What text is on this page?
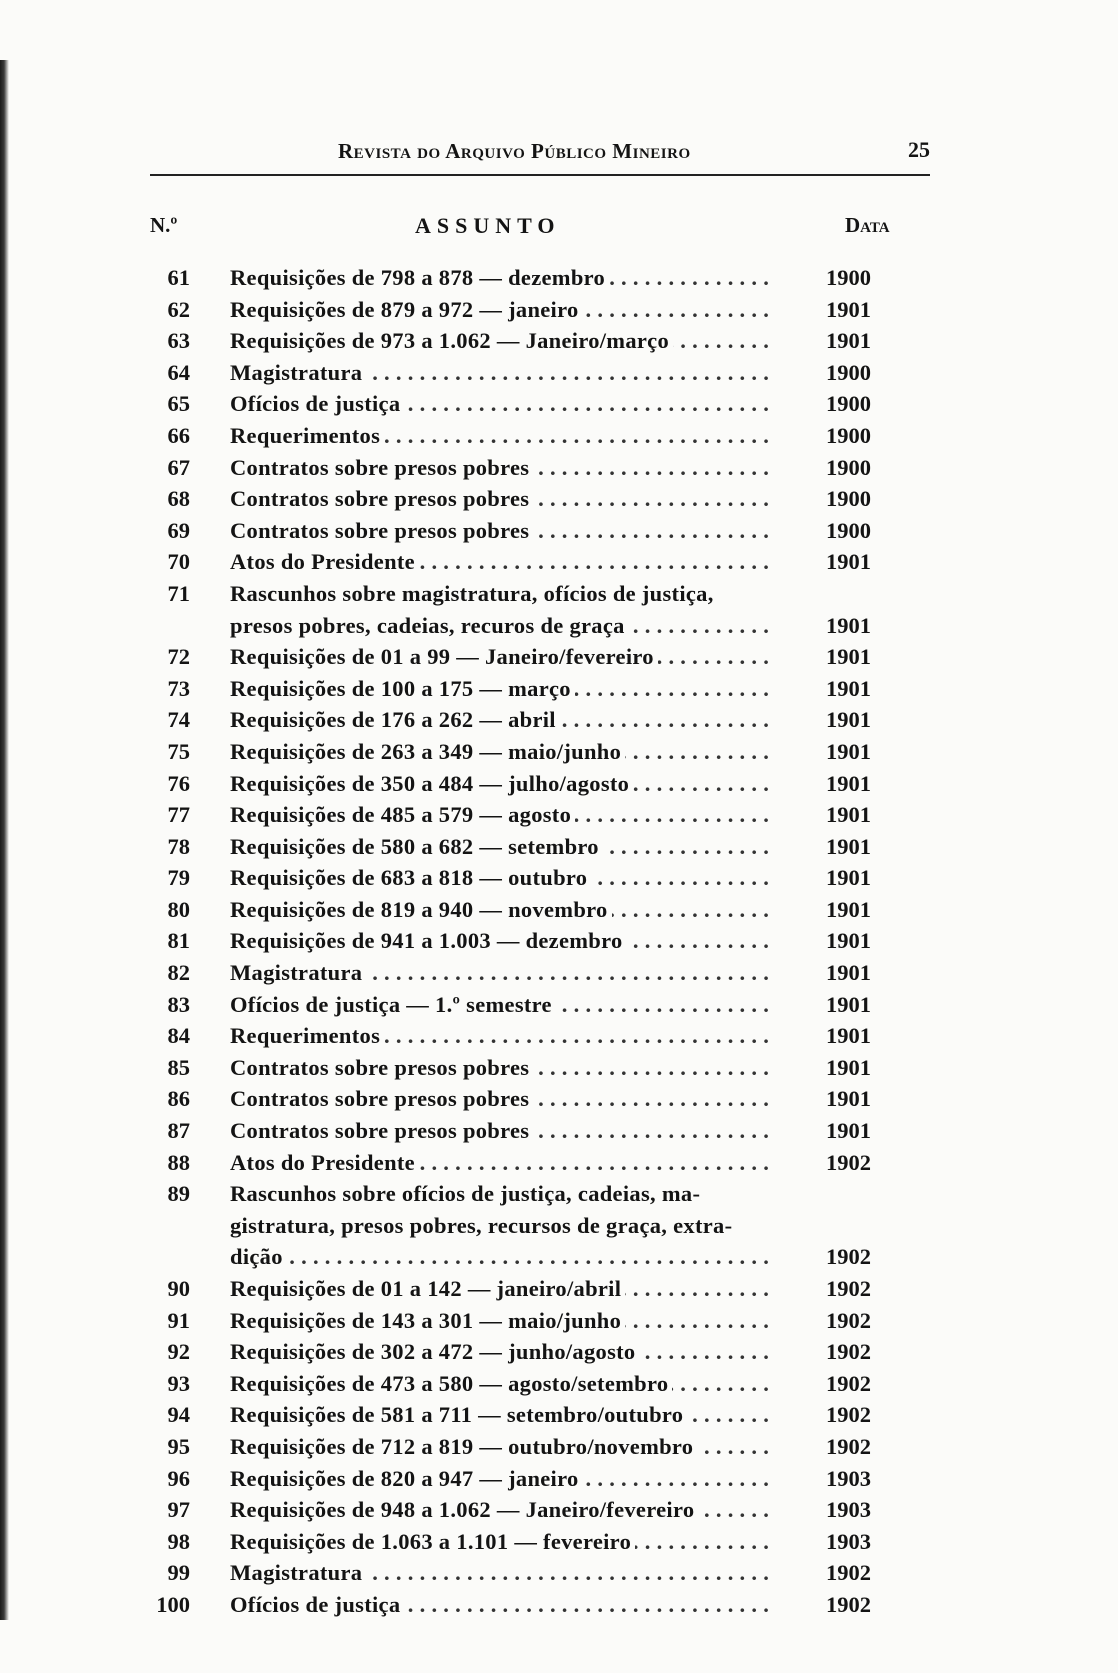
Revista do Arquivo Público Mineiro	25
N.º	ASSUNTO	Data
61 Requisições de 798 a 878 — dezembro . . .	1900
62 Requisições de 879 a 972 — janeiro . . .	1901
63 Requisições de 973 a 1.062 — Janeiro/março . . .	1901
64 Magistratura . . .	1900
65 Ofícios de justiça . . .	1900
66 Requerimentos . . .	1900
67 Contratos sobre presos pobres . . .	1900
68 Contratos sobre presos pobres . . .	1900
69 Contratos sobre presos pobres . . .	1900
70 Atos do Presidente . . .	1901
71 Rascunhos sobre magistratura, ofícios de justiça,
presos pobres, cadeias, recuros de graça . . .	1901
72 Requisições de 01 a 99 — Janeiro/fevereiro . . .	1901
73 Requisições de 100 a 175 — março . . .	1901
74 Requisições de 176 a 262 — abril . . .	1901
75 Requisições de 263 a 349 — maio/junho . . .	1901
76 Requisições de 350 a 484 — julho/agosto . . .	1901
77 Requisições de 485 a 579 — agosto . . .	1901
78 Requisições de 580 a 682 — setembro . . .	1901
79 Requisições de 683 a 818 — outubro . . .	1901
80 Requisições de 819 a 940 — novembro . . .	1901
81 Requisições de 941 a 1.003 — dezembro . . .	1901
82 Magistratura . . .	1901
83 Ofícios de justiça — 1.º semestre . . .	1901
84 Requerimentos . . .	1901
85 Contratos sobre presos pobres . . .	1901
86 Contratos sobre presos pobres . . .	1901
87 Contratos sobre presos pobres . . .	1901
88 Atos do Presidente . . .	1902
89 Rascunhos sobre ofícios de justiça, cadeias, ma-
gistratura, presos pobres, recursos de graça, extra-
dição . . .	1902
90 Requisições de 01 a 142 — janeiro/abril . . .	1902
91 Requisições de 143 a 301 — maio/junho . . .	1902
92 Requisições de 302 a 472 — junho/agosto . . .	1902
93 Requisições de 473 a 580 — agosto/setembro . . .	1902
94 Requisições de 581 a 711 — setembro/outubro . . .	1902
95 Requisições de 712 a 819 — outubro/novembro . . .	1902
96 Requisições de 820 a 947 — janeiro . . .	1903
97 Requisições de 948 a 1.062 — Janeiro/fevereiro . . .	1903
98 Requisições de 1.063 a 1.101 — fevereiro . . .	1903
99 Magistratura . . .	1902
100 Ofícios de justiça . . .	1902
